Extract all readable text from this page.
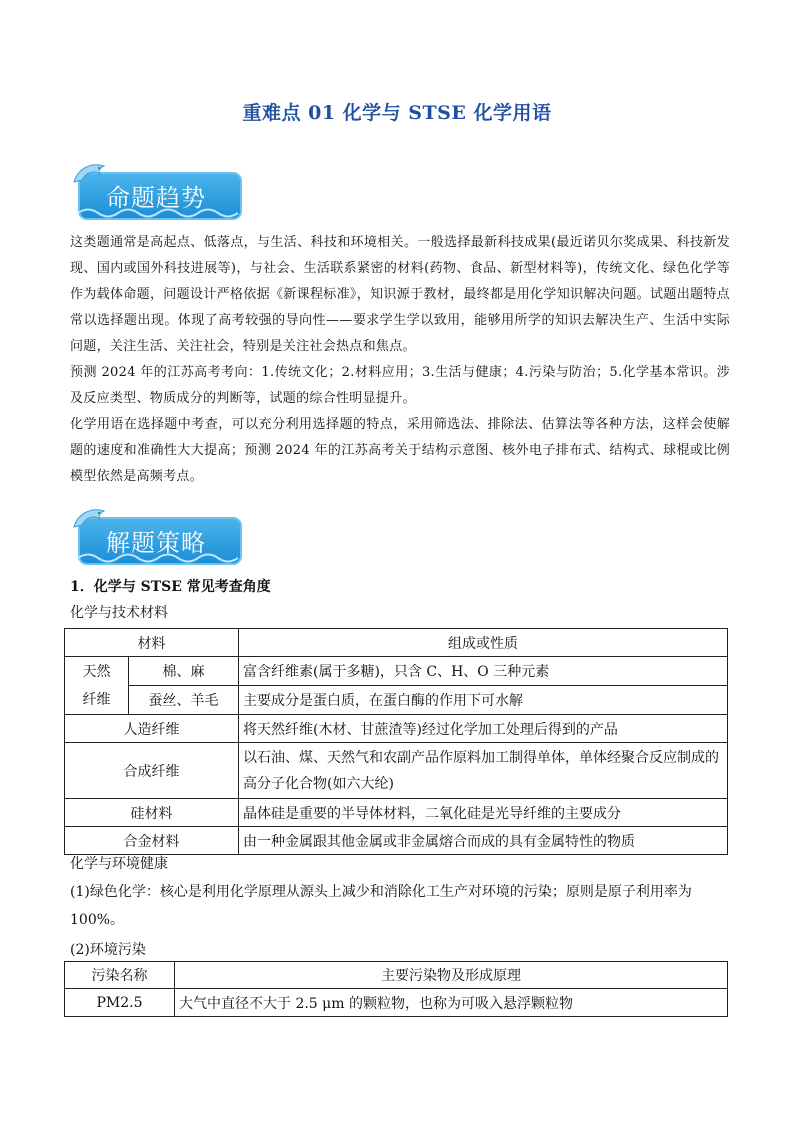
重难点 01 化学与 STSE 化学用语
命题趋势

这类题通常是高起点、低落点，与生活、科技和环境相关。一般选择最新科技成果(最近诺贝尔奖成果、科技新发现、国内或国外科技进展等)，与社会、生活联系紧密的材料(药物、食品、新型材料等)，传统文化、绿色化学等作为载体命题，问题设计严格依据《新课程标准》，知识源于教材，最终都是用化学知识解决问题。试题出题特点常以选择题出现。体现了高考较强的导向性——要求学生学以致用，能够用所学的知识去解决生产、生活中实际问题，关注生活、关注社会，特别是关注社会热点和焦点。

预测 2024 年的江苏高考考向：1.传统文化；2.材料应用；3.生活与健康；4.污染与防治；5.化学基本常识。涉及反应类型、物质成分的判断等，试题的综合性明显提升。

化学用语在选择题中考查，可以充分利用选择题的特点，采用筛选法、排除法、估算法等各种方法，这样会使解题的速度和准确性大大提高；预测 2024 年的江苏高考关于结构示意图、核外电子排布式、结构式、球棍或比例模型依然是高频考点。

解题策略
1．化学与 STSE 常见考查角度
化学与技术材料
材料		组成或性质
天然纤维	棉、麻	富含纤维素(属于多糖)，只含 C、H、O 三种元素
	蚕丝、羊毛	主要成分是蛋白质，在蛋白酶的作用下可水解
人造纤维		将天然纤维(木材、甘蔗渣等)经过化学加工处理后得到的产品
合成纤维		以石油、煤、天然气和农副产品作原料加工制得单体，单体经聚合反应制成的高分子化合物(如六大纶)
硅材料		晶体硅是重要的半导体材料，二氧化硅是光导纤维的主要成分
合金材料		由一种金属跟其他金属或非金属熔合而成的具有金属特性的物质

化学与环境健康

(1)绿色化学：核心是利用化学原理从源头上减少和消除化工生产对环境的污染；原则是原子利用率为 100%。

(2)环境污染

污染名称	主要污染物及形成原理
PM2.5	大气中直径不大于 2.5 μm 的颗粒物，也称为可吸入悬浮颗粒物
